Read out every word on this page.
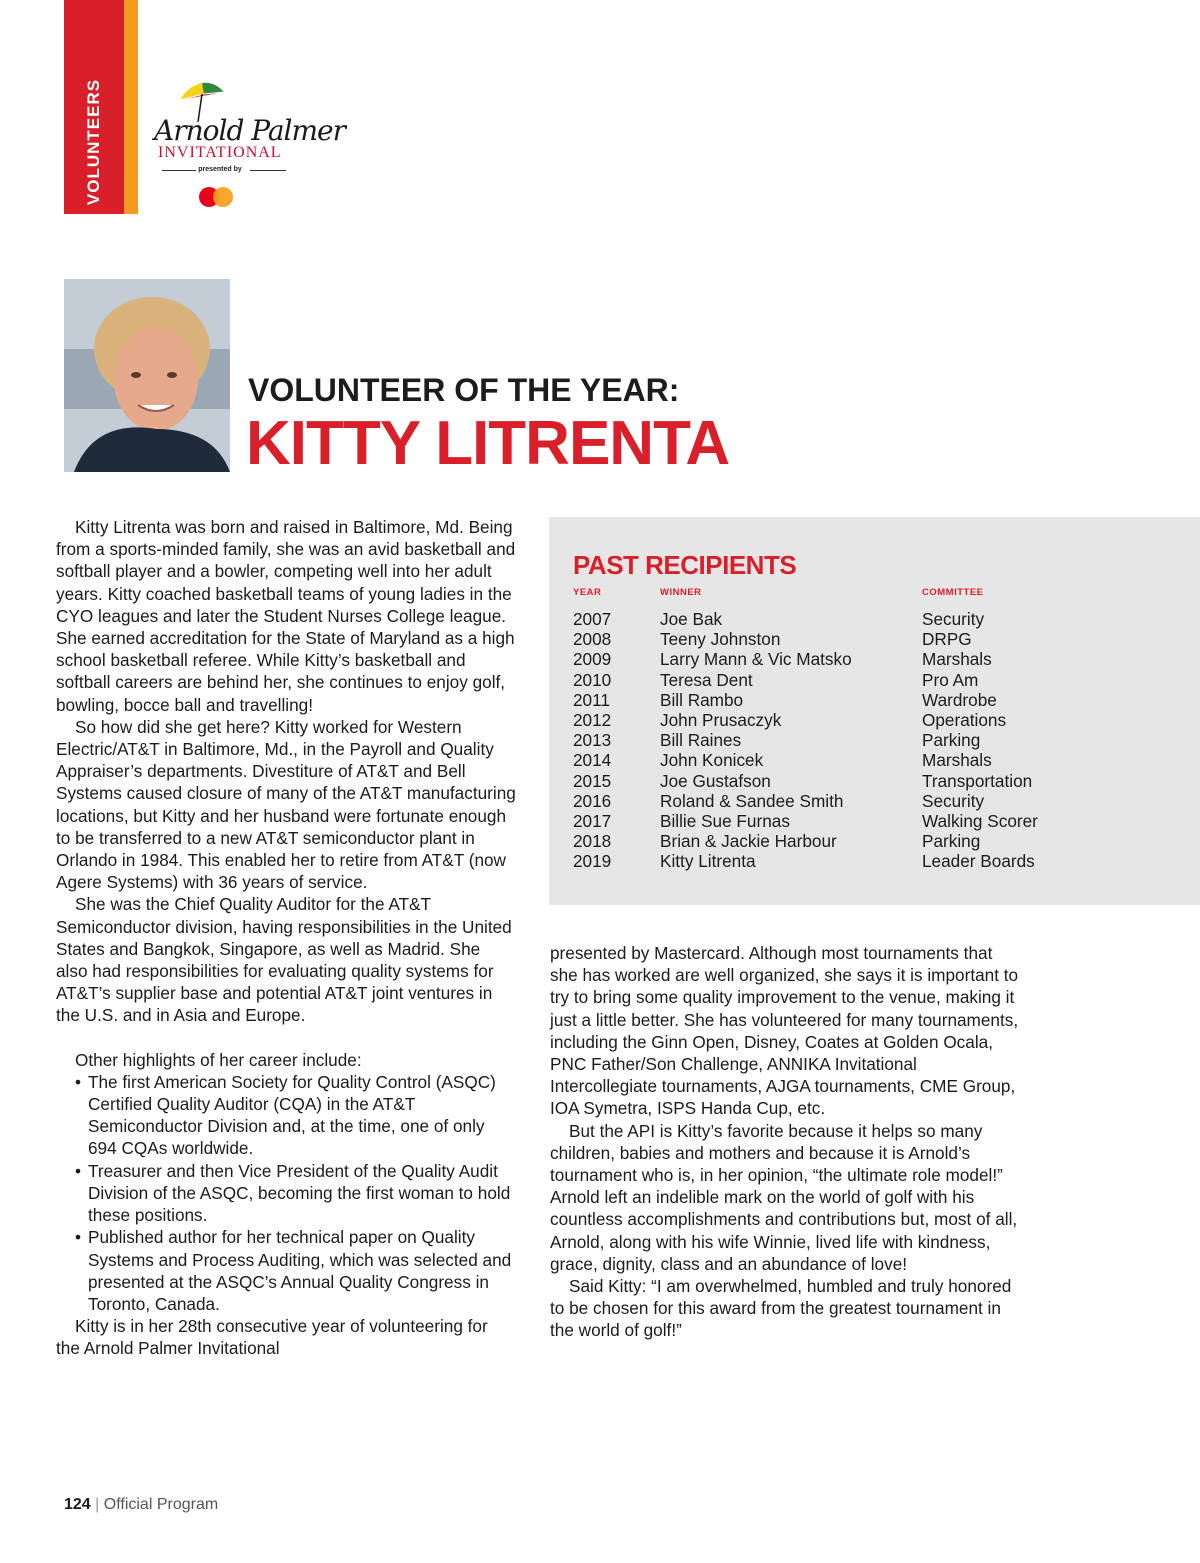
VOLUNTEERS Arnold Palmer
INVITATIONAL
presented by
VOLUNTEER OF THE YEAR:
KITTY LITRENTA

Kitty Litrenta was born and raised in Baltimore, Md. Being from a sports-minded family, she was an avid basketball and softball player and a bowler, competing well into her adult years. Kitty coached basketball teams of young ladies in the CYO leagues and later the Student Nurses College league. She earned accreditation for the State of Maryland as a high school basketball referee. While Kitty’s basketball and softball careers are behind her, she continues to enjoy golf, bowling, bocce ball and travelling!

So how did she get here? Kitty worked for Western Electric/AT&T in Baltimore, Md., in the Payroll and Quality Appraiser’s departments. Divestiture of AT&T and Bell Systems caused closure of many of the AT&T manufacturing locations, but Kitty and her husband were fortunate enough to be transferred to a new AT&T semiconductor plant in Orlando in 1984. This enabled her to retire from AT&T (now Agere Systems) with 36 years of service.

She was the Chief Quality Auditor for the AT&T Semiconductor division, having responsibilities in the United States and Bangkok, Singapore, as well as Madrid. She also had responsibilities for evaluating quality systems for AT&T’s supplier base and potential AT&T joint ventures in the U.S. and in Asia and Europe.

Other highlights of her career include:

• The first American Society for Quality Control (ASQC) Certified Quality Auditor (CQA) in the AT&T Semiconductor Division and, at the time, one of only 694 CQAs worldwide.
• Treasurer and then Vice President of the Quality Audit Division of the ASQC, becoming the first woman to hold these positions.
• Published author for her technical paper on Quality Systems and Process Auditing, which was selected and presented at the ASQC’s Annual Quality Congress in Toronto, Canada.

Kitty is in her 28th consecutive year of volunteering for the Arnold Palmer Invitational

PAST RECIPIENTS
YEAR	WINNER	COMMITTEE
2007	Joe Bak	Security
2008	Teeny Johnston	DRPG
2009	Larry Mann & Vic Matsko	Marshals
2010	Teresa Dent	Pro Am
2011	Bill Rambo	Wardrobe
2012	John Prusaczyk	Operations
2013	Bill Raines	Parking
2014	John Konicek	Marshals
2015	Joe Gustafson	Transportation
2016	Roland & Sandee Smith	Security
2017	Billie Sue Furnas	Walking Scorer
2018	Brian & Jackie Harbour	Parking
2019	Kitty Litrenta	Leader Boards

presented by Mastercard. Although most tournaments that she has worked are well organized, she says it is important to try to bring some quality improvement to the venue, making it just a little better. She has volunteered for many tournaments, including the Ginn Open, Disney, Coates at Golden Ocala, PNC Father/Son Challenge, ANNIKA Invitational Intercollegiate tournaments, AJGA tournaments, CME Group, IOA Symetra, ISPS Handa Cup, etc.

But the API is Kitty’s favorite because it helps so many children, babies and mothers and because it is Arnold’s tournament who is, in her opinion, “the ultimate role model!” Arnold left an indelible mark on the world of golf with his countless accomplishments and contributions but, most of all, Arnold, along with his wife Winnie, lived life with kindness, grace, dignity, class and an abundance of love!

Said Kitty: “I am overwhelmed, humbled and truly honored to be chosen for this award from the greatest tournament in the world of golf!”

124 | Official Program
